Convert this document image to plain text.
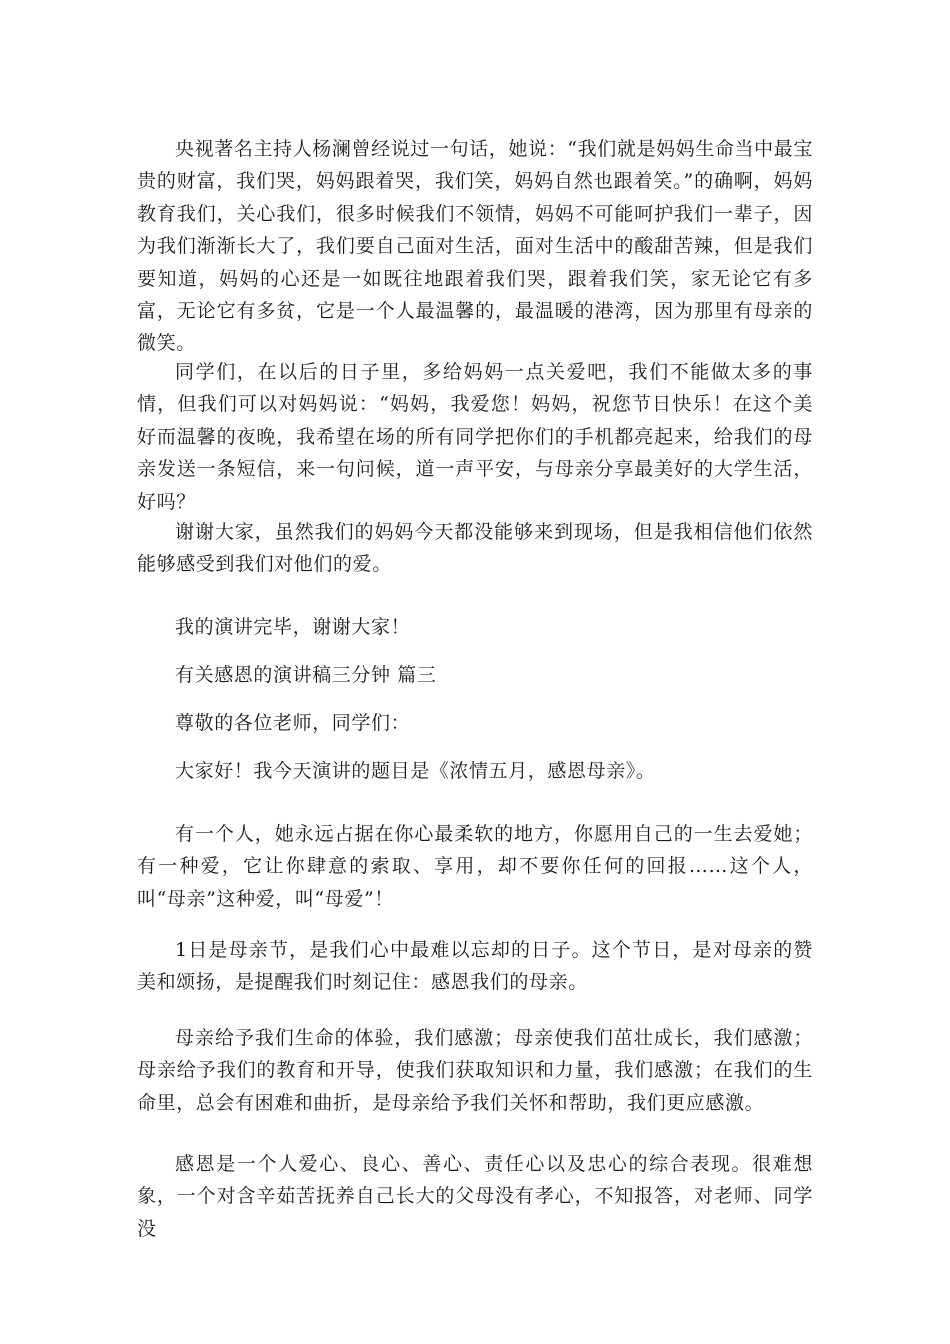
央视著名主持人杨澜曾经说过一句话，她说：“我们就是妈妈生命当中最宝贵的财富，我们哭，妈妈跟着哭，我们笑，妈妈自然也跟着笑。”的确啊，妈妈教育我们，关心我们，很多时候我们不领情，妈妈不可能呵护我们一辈子，因为我们渐渐长大了，我们要自己面对生活，面对生活中的酸甜苦辣，但是我们要知道，妈妈的心还是一如既往地跟着我们哭，跟着我们笑，家无论它有多富，无论它有多贫，它是一个人最温馨的，最温暖的港湾，因为那里有母亲的微笑。

同学们，在以后的日子里，多给妈妈一点关爱吧，我们不能做太多的事情，但我们可以对妈妈说：“妈妈，我爱您！妈妈，祝您节日快乐！在这个美好而温馨的夜晚，我希望在场的所有同学把你们的手机都亮起来，给我们的母亲发送一条短信，来一句问候，道一声平安，与母亲分享最美好的大学生活，好吗？

谢谢大家，虽然我们的妈妈今天都没能够来到现场，但是我相信他们依然能够感受到我们对他们的爱。

我的演讲完毕，谢谢大家！

有关感恩的演讲稿三分钟 篇三

尊敬的各位老师，同学们：

大家好！我今天演讲的题目是《浓情五月，感恩母亲》。

有一个人，她永远占据在你心最柔软的地方，你愿用自己的一生去爱她；有一种爱，它让你肆意的索取、享用，却不要你任何的回报……这个人，叫“母亲”这种爱，叫“母爱”！

1日是母亲节，是我们心中最难以忘却的日子。这个节日，是对母亲的赞美和颂扬，是提醒我们时刻记住：感恩我们的母亲。

母亲给予我们生命的体验，我们感激；母亲使我们茁壮成长，我们感激；母亲给予我们的教育和开导，使我们获取知识和力量，我们感激；在我们的生命里，总会有困难和曲折，是母亲给予我们关怀和帮助，我们更应感激。

感恩是一个人爱心、良心、善心、责任心以及忠心的综合表现。很难想象，一个对含辛茹苦抚养自己长大的父母没有孝心，不知报答，对老师、同学没
